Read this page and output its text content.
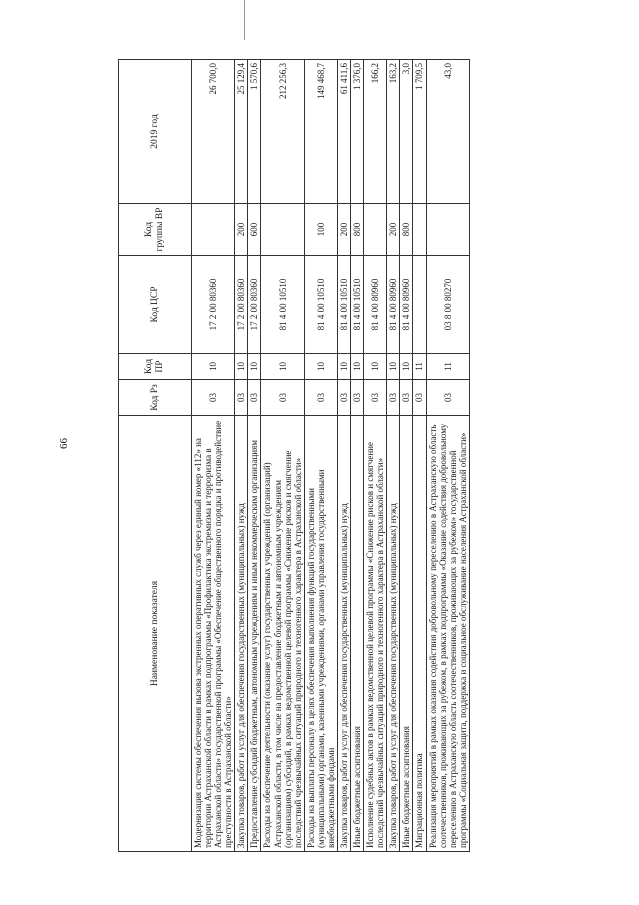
66
Наименование показателя	Код Рз	Код ПР	Код ЦСР	Код группы ВР	2019 год
Модернизация системы обеспечения вызова экстренных оперативных служб через единый номер «112» на территории Астраханской области в рамках подпрограммы «Профилактика экстремизма и терроризма в Астраханской области» государственной программы «Обеспечение общественного порядка и противодействие преступности в Астраханской области»	03	10	17 2 00 80360		26 700,0
Закупка товаров, работ и услуг для обеспечения государственных (муниципальных) нужд	03	10	17 2 00 80360	200	25 129,4
Предоставление субсидий бюджетным, автономным учреждениям и иным некоммерческим организациям	03	10	17 2 00 80360	600	1 570,6
Расходы на обеспечение деятельности (оказание услуг) государственных учреждений (организаций) Астраханской области, в том числе на предоставление бюджетным и автономным учреждениям (организациям) субсидий, в рамках ведомственной целевой программы «Снижение рисков и смягчение последствий чрезвычайных ситуаций природного и техногенного характера в Астраханской области»	03	10	81 4 00 10510		212 256,3
Расходы на выплаты персоналу в целях обеспечения выполнения функций государственными (муниципальными) органами, казенными учреждениями, органами управления государственными внебюджетными фондами	03	10	81 4 00 10510	100	149 468,7
Закупка товаров, работ и услуг для обеспечения государственных (муниципальных) нужд	03	10	81 4 00 10510	200	61 411,6
Иные бюджетные ассигнования	03	10	81 4 00 10510	800	1 376,0
Исполнение судебных актов в рамках ведомственной целевой программы «Снижение рисков и смягчение последствий чрезвычайных ситуаций природного и техногенного характера в Астраханской области»	03	10	81 4 00 80960		166,2
Закупка товаров, работ и услуг для обеспечения государственных (муниципальных) нужд	03	10	81 4 00 80960	200	163,2
Иные бюджетные ассигнования	03	10	81 4 00 80960	800	3,0
Миграционная политика	03	11			1 709,5
Реализация мероприятий в рамках оказания содействия добровольному переселению в Астраханскую область соотечественников, проживающих за рубежом, в рамках подпрограммы «Оказание содействия добровольному переселению в Астраханскую область соотечественников, проживающих за рубежом» государственной программы «Социальная защита, поддержка и социальное обслуживание населения Астраханской области»	03	11	03 8 00 80270		43,0
